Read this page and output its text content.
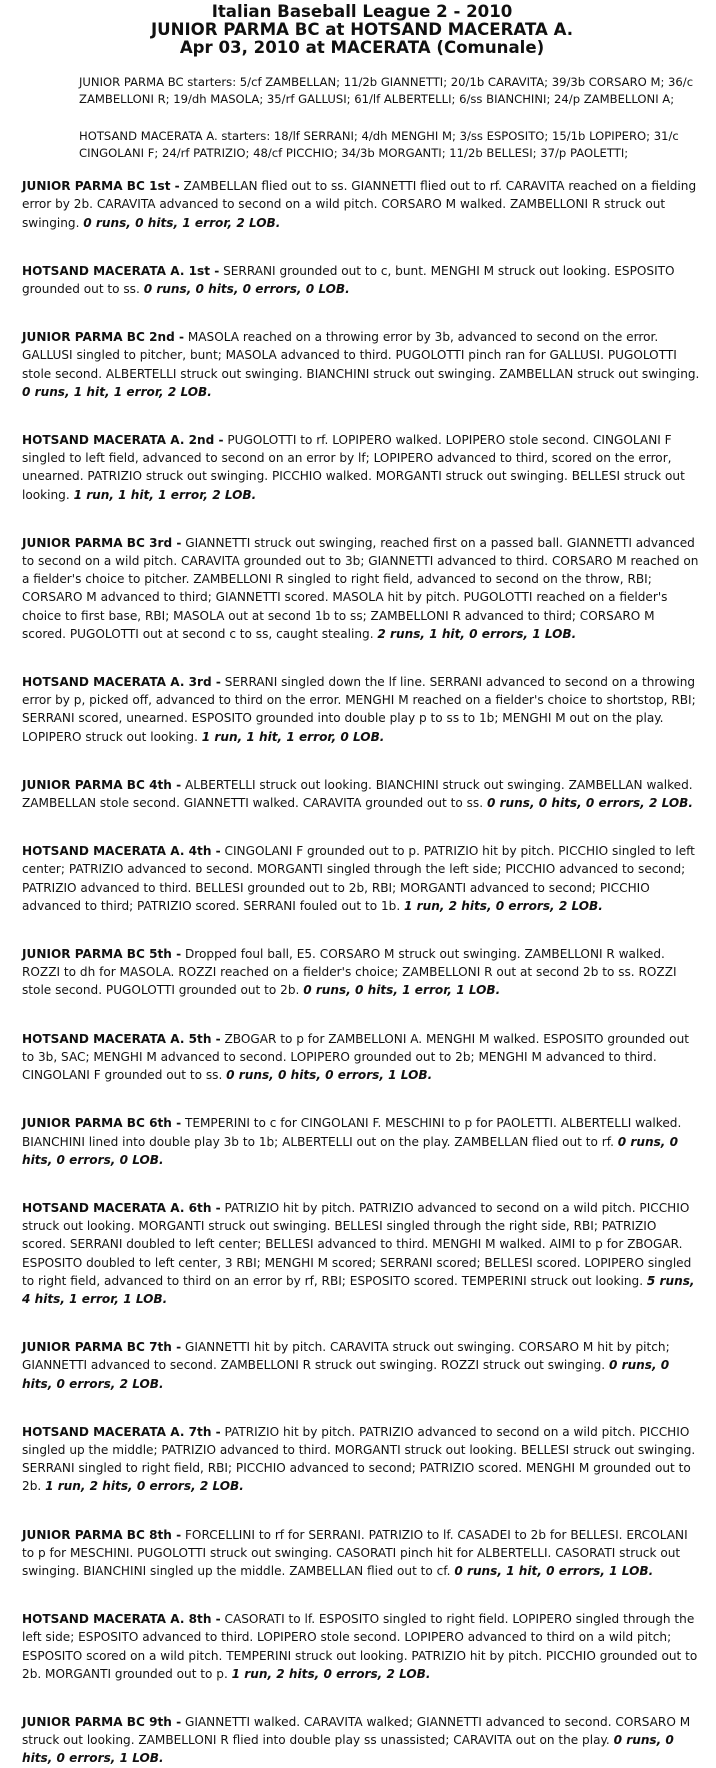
Italian Baseball League 2 - 2010
JUNIOR PARMA BC at HOTSAND MACERATA A.
Apr 03, 2010 at MACERATA (Comunale)
JUNIOR PARMA BC starters: 5/cf ZAMBELLAN; 11/2b GIANNETTI; 20/1b CARAVITA; 39/3b CORSARO M; 36/c ZAMBELLONI R; 19/dh MASOLA; 35/rf GALLUSI; 61/lf ALBERTELLI; 6/ss BIANCHINI; 24/p ZAMBELLONI A;
HOTSAND MACERATA A. starters: 18/lf SERRANI; 4/dh MENGHI M; 3/ss ESPOSITO; 15/1b LOPIPERO; 31/c CINGOLANI F; 24/rf PATRIZIO; 48/cf PICCHIO; 34/3b MORGANTI; 11/2b BELLESI; 37/p PAOLETTI;
JUNIOR PARMA BC 1st - ZAMBELLAN flied out to ss. GIANNETTI flied out to rf. CARAVITA reached on a fielding error by 2b. CARAVITA advanced to second on a wild pitch. CORSARO M walked. ZAMBELLONI R struck out swinging. 0 runs, 0 hits, 1 error, 2 LOB.
HOTSAND MACERATA A. 1st - SERRANI grounded out to c, bunt. MENGHI M struck out looking. ESPOSITO grounded out to ss. 0 runs, 0 hits, 0 errors, 0 LOB.
JUNIOR PARMA BC 2nd - MASOLA reached on a throwing error by 3b, advanced to second on the error. GALLUSI singled to pitcher, bunt; MASOLA advanced to third. PUGOLOTTI pinch ran for GALLUSI. PUGOLOTTI stole second. ALBERTELLI struck out swinging. BIANCHINI struck out swinging. ZAMBELLAN struck out swinging. 0 runs, 1 hit, 1 error, 2 LOB.
HOTSAND MACERATA A. 2nd - PUGOLOTTI to rf. LOPIPERO walked. LOPIPERO stole second. CINGOLANI F singled to left field, advanced to second on an error by lf; LOPIPERO advanced to third, scored on the error, unearned. PATRIZIO struck out swinging. PICCHIO walked. MORGANTI struck out swinging. BELLESI struck out looking. 1 run, 1 hit, 1 error, 2 LOB.
JUNIOR PARMA BC 3rd - GIANNETTI struck out swinging, reached first on a passed ball. GIANNETTI advanced to second on a wild pitch. CARAVITA grounded out to 3b; GIANNETTI advanced to third. CORSARO M reached on a fielder's choice to pitcher. ZAMBELLONI R singled to right field, advanced to second on the throw, RBI; CORSARO M advanced to third; GIANNETTI scored. MASOLA hit by pitch. PUGOLOTTI reached on a fielder's choice to first base, RBI; MASOLA out at second 1b to ss; ZAMBELLONI R advanced to third; CORSARO M scored. PUGOLOTTI out at second c to ss, caught stealing. 2 runs, 1 hit, 0 errors, 1 LOB.
HOTSAND MACERATA A. 3rd - SERRANI singled down the lf line. SERRANI advanced to second on a throwing error by p, picked off, advanced to third on the error. MENGHI M reached on a fielder's choice to shortstop, RBI; SERRANI scored, unearned. ESPOSITO grounded into double play p to ss to 1b; MENGHI M out on the play. LOPIPERO struck out looking. 1 run, 1 hit, 1 error, 0 LOB.
JUNIOR PARMA BC 4th - ALBERTELLI struck out looking. BIANCHINI struck out swinging. ZAMBELLAN walked. ZAMBELLAN stole second. GIANNETTI walked. CARAVITA grounded out to ss. 0 runs, 0 hits, 0 errors, 2 LOB.
HOTSAND MACERATA A. 4th - CINGOLANI F grounded out to p. PATRIZIO hit by pitch. PICCHIO singled to left center; PATRIZIO advanced to second. MORGANTI singled through the left side; PICCHIO advanced to second; PATRIZIO advanced to third. BELLESI grounded out to 2b, RBI; MORGANTI advanced to second; PICCHIO advanced to third; PATRIZIO scored. SERRANI fouled out to 1b. 1 run, 2 hits, 0 errors, 2 LOB.
JUNIOR PARMA BC 5th - Dropped foul ball, E5. CORSARO M struck out swinging. ZAMBELLONI R walked. ROZZI to dh for MASOLA. ROZZI reached on a fielder's choice; ZAMBELLONI R out at second 2b to ss. ROZZI stole second. PUGOLOTTI grounded out to 2b. 0 runs, 0 hits, 1 error, 1 LOB.
HOTSAND MACERATA A. 5th - ZBOGAR to p for ZAMBELLONI A. MENGHI M walked. ESPOSITO grounded out to 3b, SAC; MENGHI M advanced to second. LOPIPERO grounded out to 2b; MENGHI M advanced to third. CINGOLANI F grounded out to ss. 0 runs, 0 hits, 0 errors, 1 LOB.
JUNIOR PARMA BC 6th - TEMPERINI to c for CINGOLANI F. MESCHINI to p for PAOLETTI. ALBERTELLI walked. BIANCHINI lined into double play 3b to 1b; ALBERTELLI out on the play. ZAMBELLAN flied out to rf. 0 runs, 0 hits, 0 errors, 0 LOB.
HOTSAND MACERATA A. 6th - PATRIZIO hit by pitch. PATRIZIO advanced to second on a wild pitch. PICCHIO struck out looking. MORGANTI struck out swinging. BELLESI singled through the right side, RBI; PATRIZIO scored. SERRANI doubled to left center; BELLESI advanced to third. MENGHI M walked. AIMI to p for ZBOGAR. ESPOSITO doubled to left center, 3 RBI; MENGHI M scored; SERRANI scored; BELLESI scored. LOPIPERO singled to right field, advanced to third on an error by rf, RBI; ESPOSITO scored. TEMPERINI struck out looking. 5 runs, 4 hits, 1 error, 1 LOB.
JUNIOR PARMA BC 7th - GIANNETTI hit by pitch. CARAVITA struck out swinging. CORSARO M hit by pitch; GIANNETTI advanced to second. ZAMBELLONI R struck out swinging. ROZZI struck out swinging. 0 runs, 0 hits, 0 errors, 2 LOB.
HOTSAND MACERATA A. 7th - PATRIZIO hit by pitch. PATRIZIO advanced to second on a wild pitch. PICCHIO singled up the middle; PATRIZIO advanced to third. MORGANTI struck out looking. BELLESI struck out swinging. SERRANI singled to right field, RBI; PICCHIO advanced to second; PATRIZIO scored. MENGHI M grounded out to 2b. 1 run, 2 hits, 0 errors, 2 LOB.
JUNIOR PARMA BC 8th - FORCELLINI to rf for SERRANI. PATRIZIO to lf. CASADEI to 2b for BELLESI. ERCOLANI to p for MESCHINI. PUGOLOTTI struck out swinging. CASORATI pinch hit for ALBERTELLI. CASORATI struck out swinging. BIANCHINI singled up the middle. ZAMBELLAN flied out to cf. 0 runs, 1 hit, 0 errors, 1 LOB.
HOTSAND MACERATA A. 8th - CASORATI to lf. ESPOSITO singled to right field. LOPIPERO singled through the left side; ESPOSITO advanced to third. LOPIPERO stole second. LOPIPERO advanced to third on a wild pitch; ESPOSITO scored on a wild pitch. TEMPERINI struck out looking. PATRIZIO hit by pitch. PICCHIO grounded out to 2b. MORGANTI grounded out to p. 1 run, 2 hits, 0 errors, 2 LOB.
JUNIOR PARMA BC 9th - GIANNETTI walked. CARAVITA walked; GIANNETTI advanced to second. CORSARO M struck out looking. ZAMBELLONI R flied into double play ss unassisted; CARAVITA out on the play. 0 runs, 0 hits, 0 errors, 1 LOB.
